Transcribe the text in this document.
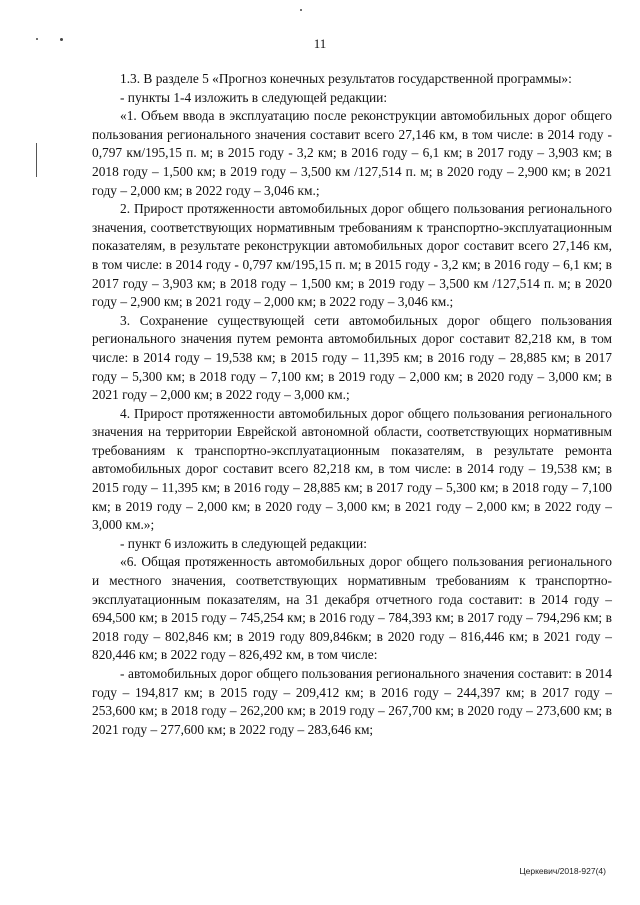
11

1.3. В разделе 5 «Прогноз конечных результатов государственной программы»:

- пункты 1-4 изложить в следующей редакции:

«1. Объем ввода в эксплуатацию после реконструкции автомобильных дорог общего пользования регионального значения составит всего 27,146 км, в том числе: в 2014 году - 0,797 км/195,15 п. м; в 2015 году - 3,2 км; в 2016 году – 6,1 км; в 2017 году – 3,903 км; в 2018 году – 1,500 км; в 2019 году – 3,500 км /127,514 п. м; в 2020 году – 2,900 км; в 2021 году – 2,000 км; в 2022 году – 3,046 км.;

2. Прирост протяженности автомобильных дорог общего пользования регионального значения, соответствующих нормативным требованиям к транспортно-эксплуатационным показателям, в результате реконструкции автомобильных дорог составит всего 27,146 км, в том числе: в 2014 году - 0,797 км/195,15 п. м; в 2015 году - 3,2 км; в 2016 году – 6,1 км; в 2017 году – 3,903 км; в 2018 году – 1,500 км; в 2019 году – 3,500 км /127,514 п. м; в 2020 году – 2,900 км; в 2021 году – 2,000 км; в 2022 году – 3,046 км.;

3. Сохранение существующей сети автомобильных дорог общего пользования регионального значения путем ремонта автомобильных дорог составит 82,218 км, в том числе: в 2014 году – 19,538 км; в 2015 году – 11,395 км; в 2016 году – 28,885 км; в 2017 году – 5,300 км; в 2018 году – 7,100 км; в 2019 году – 2,000 км; в 2020 году – 3,000 км; в 2021 году – 2,000 км; в 2022 году – 3,000 км.;

4. Прирост протяженности автомобильных дорог общего пользования регионального значения на территории Еврейской автономной области, соответствующих нормативным требованиям к транспортно-эксплуатационным показателям, в результате ремонта автомобильных дорог составит всего 82,218 км, в том числе: в 2014 году – 19,538 км; в 2015 году – 11,395 км; в 2016 году – 28,885 км; в 2017 году – 5,300 км; в 2018 году – 7,100 км; в 2019 году – 2,000 км; в 2020 году – 3,000 км; в 2021 году – 2,000 км; в 2022 году – 3,000 км.»;

- пункт 6 изложить в следующей редакции:

«6. Общая протяженность автомобильных дорог общего пользования регионального и местного значения, соответствующих нормативным требованиям к транспортно-эксплуатационным показателям, на 31 декабря отчетного года составит: в 2014 году – 694,500 км; в 2015 году – 745,254 км; в 2016 году – 784,393 км; в 2017 году – 794,296 км; в 2018 году – 802,846 км; в 2019 году 809,846км; в 2020 году – 816,446 км; в 2021 году – 820,446 км; в 2022 году – 826,492 км, в том числе:

- автомобильных дорог общего пользования регионального значения составит: в 2014 году – 194,817 км; в 2015 году – 209,412 км; в 2016 году – 244,397 км; в 2017 году – 253,600 км; в 2018 году – 262,200 км; в 2019 году – 267,700 км; в 2020 году – 273,600 км; в 2021 году – 277,600 км; в 2022 году – 283,646 км;

Церкевич/2018-927(4)
